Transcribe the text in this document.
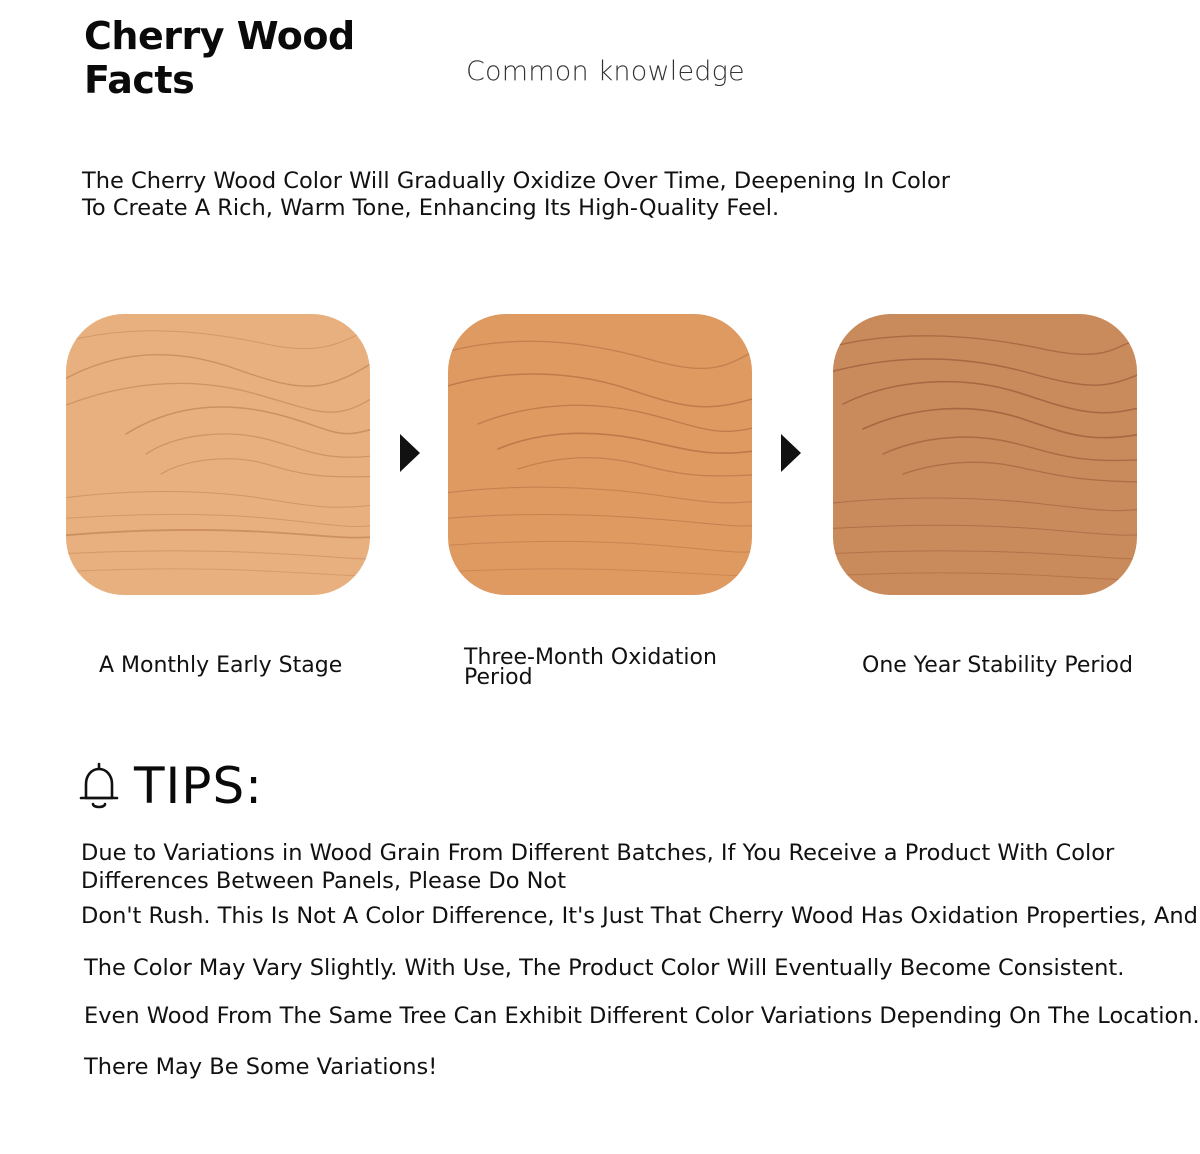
Cherry Wood Facts	Common knowledge

The Cherry Wood Color Will Gradually Oxidize Over Time, Deepening In Color To Create A Rich, Warm Tone, Enhancing Its High-Quality Feel.

A Monthly Early Stage	Three-Month Oxidation Period	One Year Stability Period
TIPS:
Due to Variations in Wood Grain From Different Batches, If You Receive a Product With Color Differences Between Panels, Please Do Not
Don't Rush. This Is Not A Color Difference, It's Just That Cherry Wood Has Oxidation Properties, And
The Color May Vary Slightly. With Use, The Product Color Will Eventually Become Consistent.
Even Wood From The Same Tree Can Exhibit Different Color Variations Depending On The Location.
There May Be Some Variations!
